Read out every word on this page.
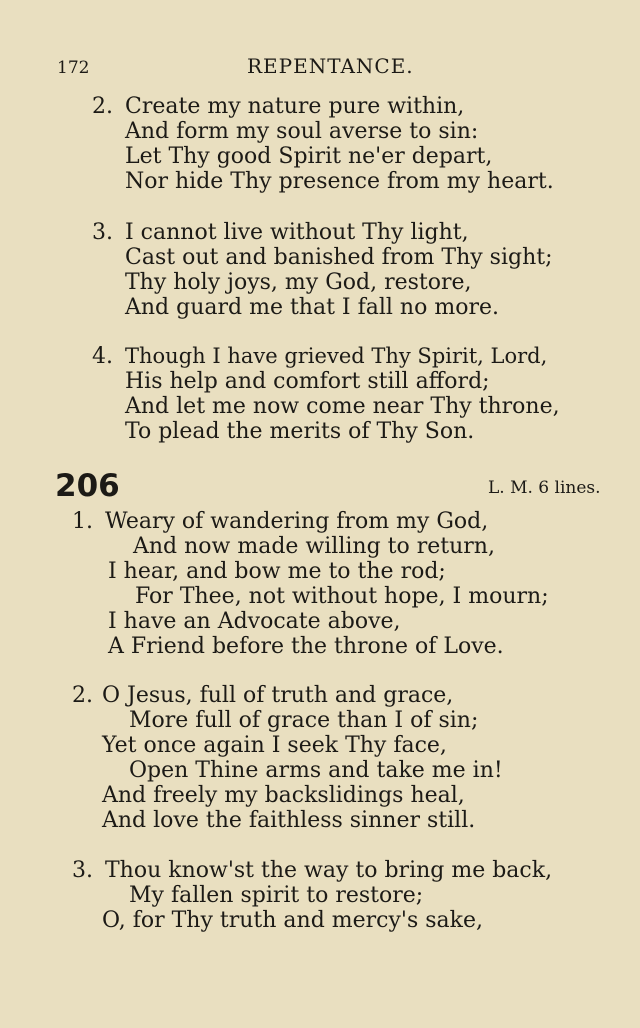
172	REPENTANCE.
2. Create my nature pure within,
And form my soul averse to sin:
Let Thy good Spirit ne'er depart,
Nor hide Thy presence from my heart.
3. I cannot live without Thy light,
Cast out and banished from Thy sight;
Thy holy joys, my God, restore,
And guard me that I fall no more.
4. Though I have grieved Thy Spirit, Lord,
His help and comfort still afford;
And let me now come near Thy throne,
To plead the merits of Thy Son.
206	L. M. 6 lines.
1. Weary of wandering from my God,
And now made willing to return,
I hear, and bow me to the rod;
For Thee, not without hope, I mourn;
I have an Advocate above,
A Friend before the throne of Love.
2. O Jesus, full of truth and grace,
More full of grace than I of sin;
Yet once again I seek Thy face,
Open Thine arms and take me in!
And freely my backslidings heal,
And love the faithless sinner still.
3. Thou know'st the way to bring me back,
My fallen spirit to restore;
O, for Thy truth and mercy's sake,
